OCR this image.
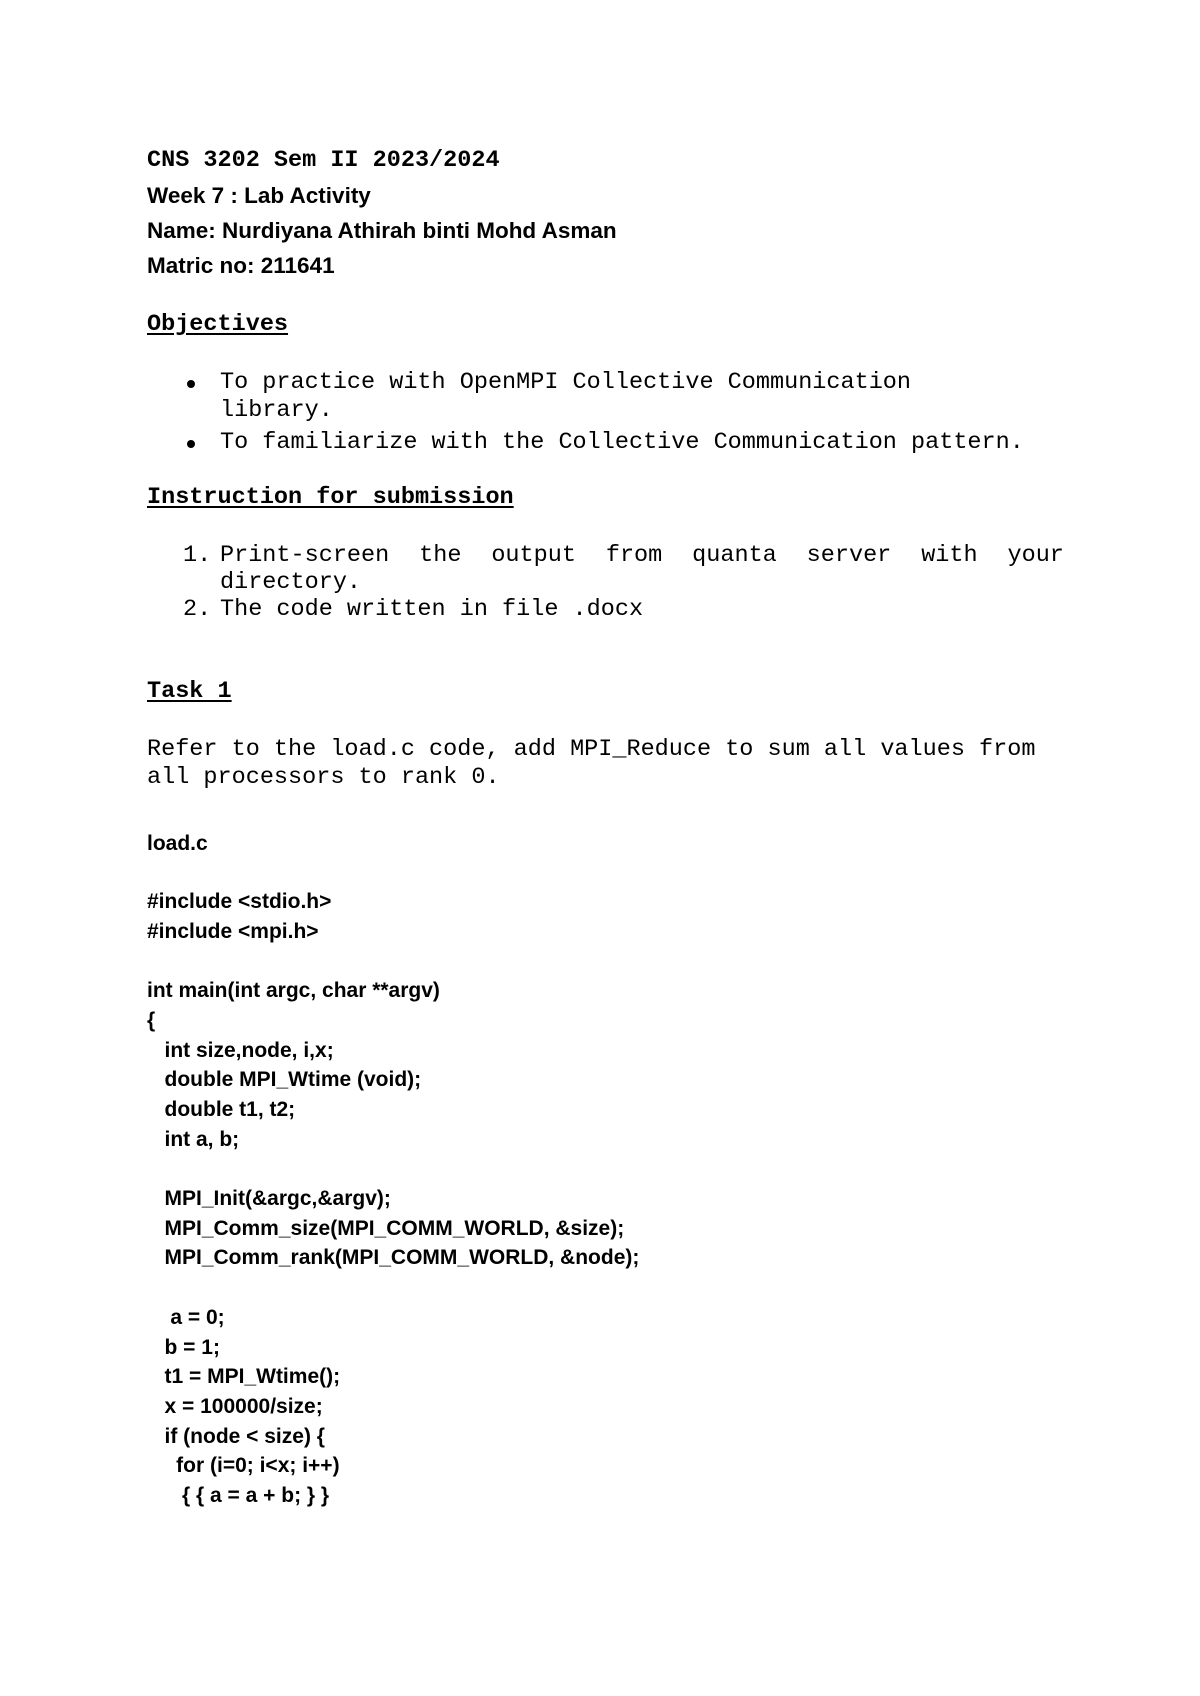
CNS 3202 Sem II 2023/2024
Week 7 : Lab Activity
Name: Nurdiyana Athirah binti Mohd Asman
Matric no: 211641
Objectives
To practice with OpenMPI Collective Communication
library.
To familiarize with the Collective Communication pattern.
Instruction for submission
1. Print-screen the output from quanta server with your
directory.
2. The code written in file .docx
Task 1
Refer to the load.c code, add MPI_Reduce to sum all values from
all processors to rank 0.
load.c
#include <stdio.h>
#include <mpi.h>
int main(int argc, char **argv)
{
int size,node, i,x;
double MPI_Wtime (void);
double t1, t2;
int a, b;
MPI_Init(&argc,&argv);
MPI_Comm_size(MPI_COMM_WORLD, &size);
MPI_Comm_rank(MPI_COMM_WORLD, &node);
a = 0;
b = 1;
t1 = MPI_Wtime();
x = 100000/size;
if (node < size) {
for (i=0; i<x; i++)
{ { a = a + b; } }
